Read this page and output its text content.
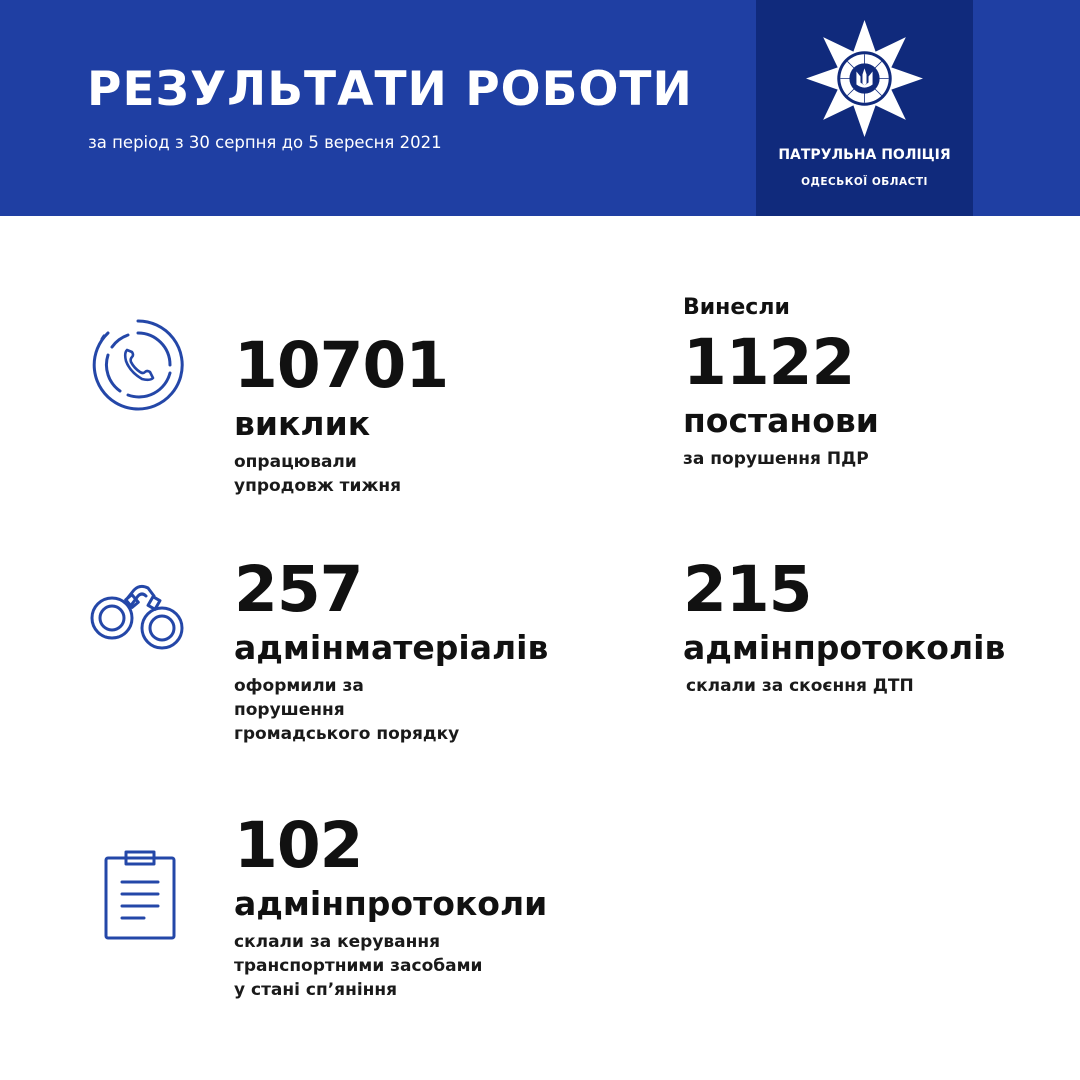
РЕЗУЛЬТАТИ РОБОТИ
за період з 30 серпня до 5 вересня 2021
ПАТРУЛЬНА ПОЛІЦІЯ
ОДЕСЬКОЇ ОБЛАСТІ
10701
виклик
опрацювали
упродовж тижня
Винесли
1122
постанови
за порушення ПДР
257
адмінматеріалів
оформили за
порушення
громадського порядку
215
адмінпротоколів
склали за скоєння ДТП
102
адмінпротоколи
склали за керування
транспортними засобами
у стані сп’яніння
